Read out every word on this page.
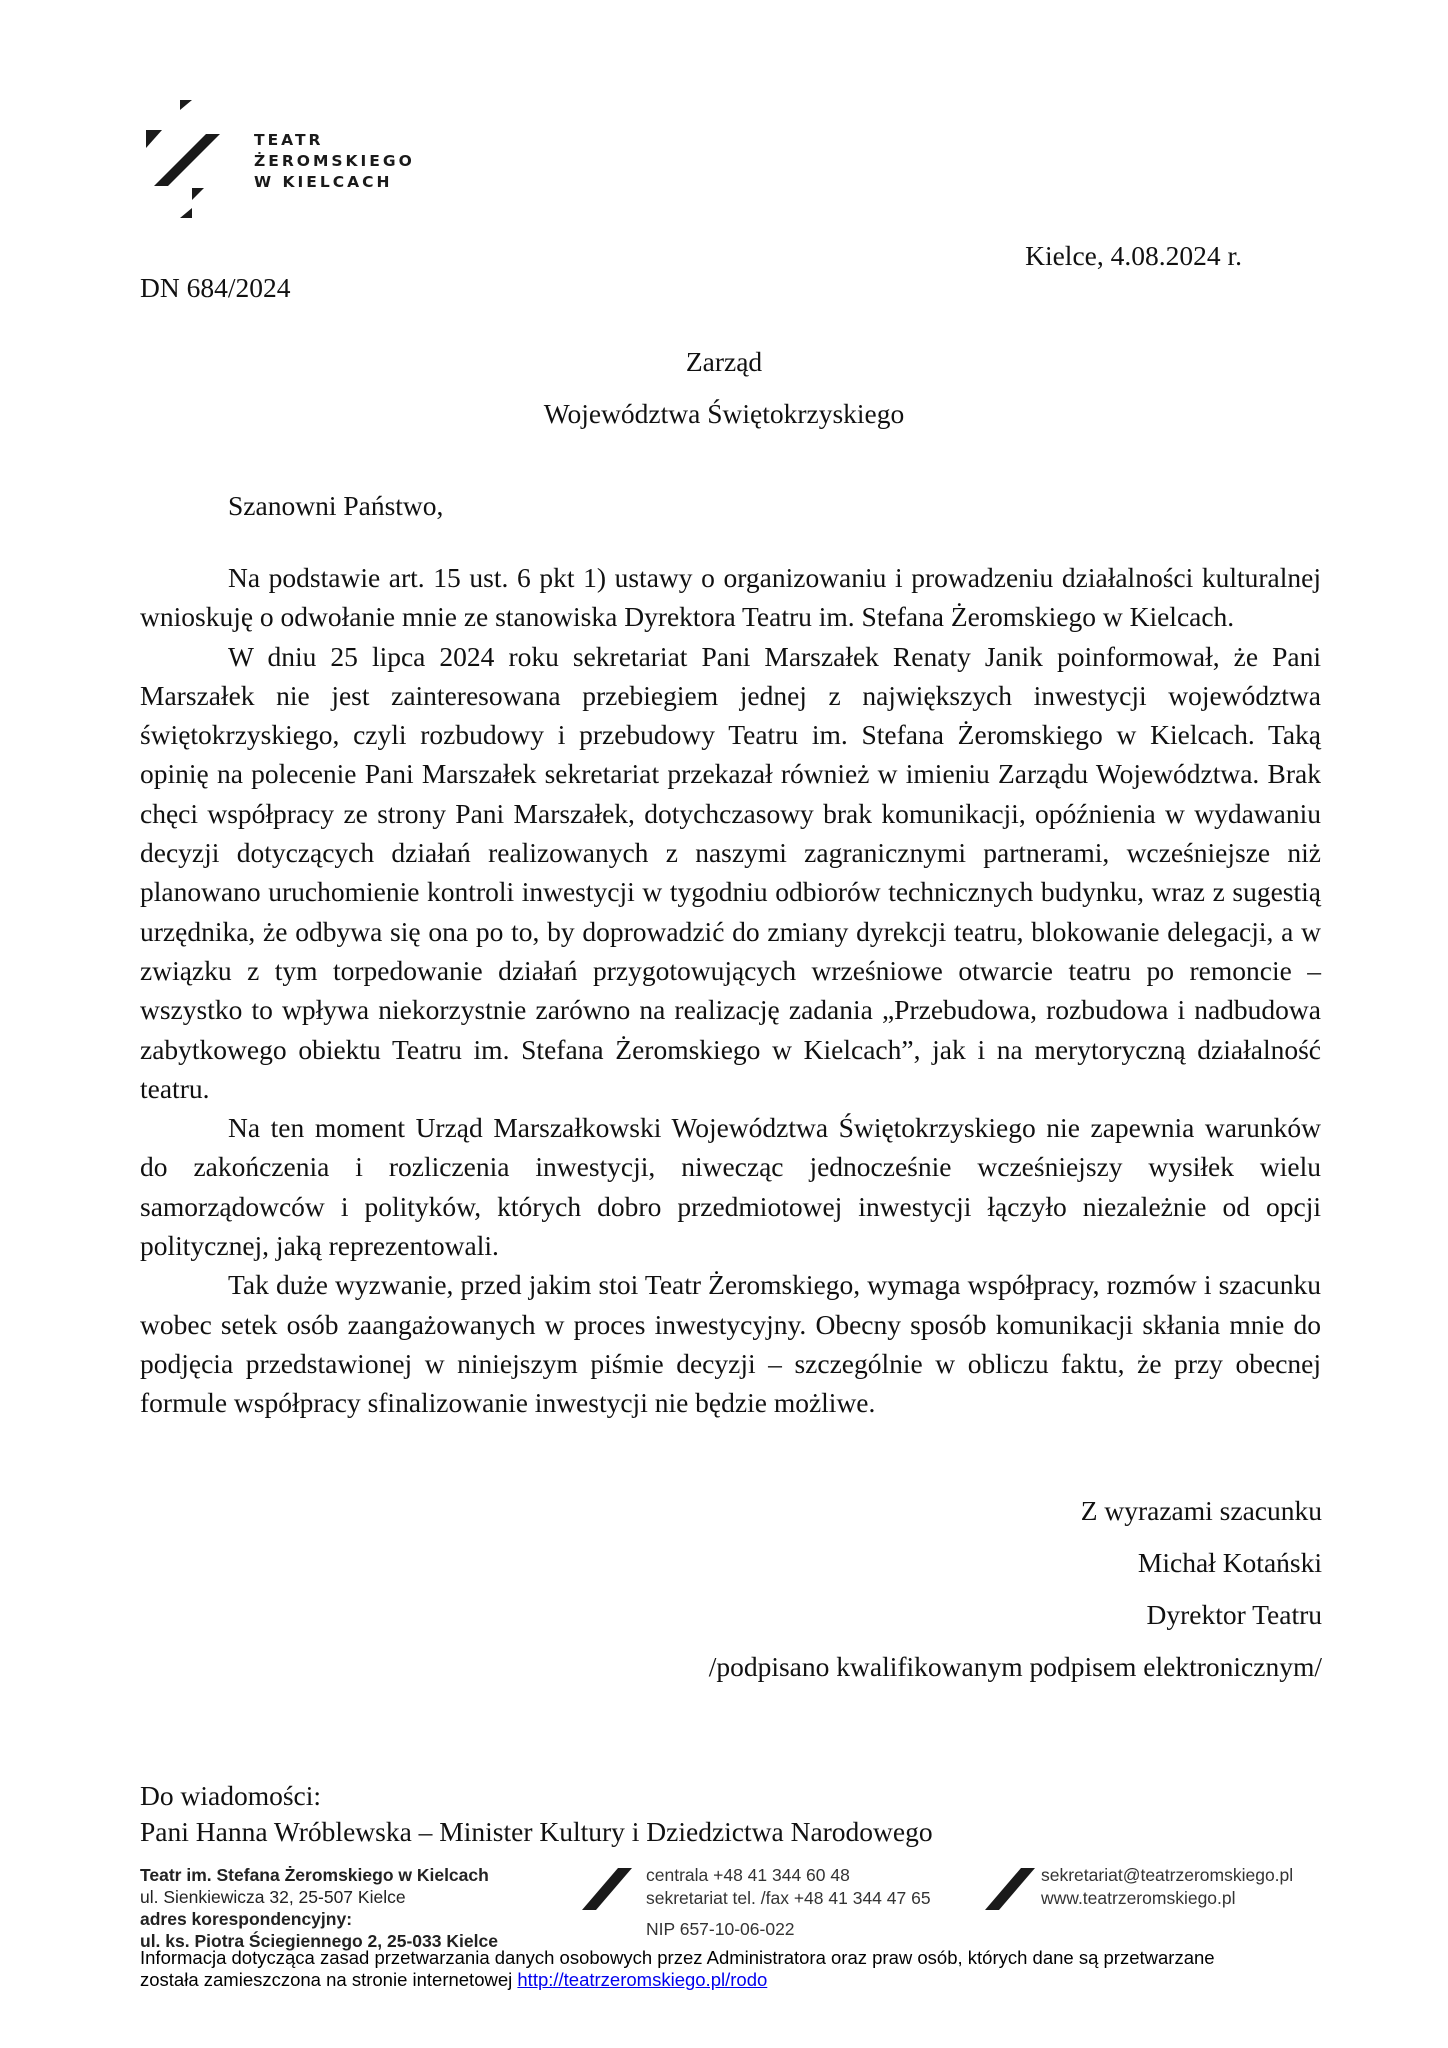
TEATR
ŻEROMSKIEGO
W KIELCACH
Kielce, 4.08.2024 r.
DN 684/2024
Zarząd
Województwa Świętokrzyskiego
Szanowni Państwo,

Na podstawie art. 15 ust. 6 pkt 1) ustawy o organizowaniu i prowadzeniu działalności kulturalnej wnioskuję o odwołanie mnie ze stanowiska Dyrektora Teatru im. Stefana Żeromskiego w Kielcach.

W dniu 25 lipca 2024 roku sekretariat Pani Marszałek Renaty Janik poinformował, że Pani Marszałek nie jest zainteresowana przebiegiem jednej z największych inwestycji województwa świętokrzyskiego, czyli rozbudowy i przebudowy Teatru im. Stefana Żeromskiego w Kielcach. Taką opinię na polecenie Pani Marszałek sekretariat przekazał również w imieniu Zarządu Województwa. Brak chęci współpracy ze strony Pani Marszałek, dotychczasowy brak komunikacji, opóźnienia w wydawaniu decyzji dotyczących działań realizowanych z naszymi zagranicznymi partnerami, wcześniejsze niż planowano uruchomienie kontroli inwestycji w tygodniu odbiorów technicznych budynku, wraz z sugestią urzędnika, że odbywa się ona po to, by doprowadzić do zmiany dyrekcji teatru, blokowanie delegacji, a w związku z tym torpedowanie działań przygotowujących wrześniowe otwarcie teatru po remoncie – wszystko to wpływa niekorzystnie zarówno na realizację zadania „Przebudowa, rozbudowa i nadbudowa zabytkowego obiektu Teatru im. Stefana Żeromskiego w Kielcach”, jak i na merytoryczną działalność teatru.

Na ten moment Urząd Marszałkowski Województwa Świętokrzyskiego nie zapewnia warunków do zakończenia i rozliczenia inwestycji, niwecząc jednocześnie wcześniejszy wysiłek wielu samorządowców i polityków, których dobro przedmiotowej inwestycji łączyło niezależnie od opcji politycznej, jaką reprezentowali.

Tak duże wyzwanie, przed jakim stoi Teatr Żeromskiego, wymaga współpracy, rozmów i szacunku wobec setek osób zaangażowanych w proces inwestycyjny. Obecny sposób komunikacji skłania mnie do podjęcia przedstawionej w niniejszym piśmie decyzji – szczególnie w obliczu faktu, że przy obecnej formule współpracy sfinalizowanie inwestycji nie będzie możliwe.

Z wyrazami szacunku
Michał Kotański
Dyrektor Teatru
/podpisano kwalifikowanym podpisem elektronicznym/
Do wiadomości:
Pani Hanna Wróblewska – Minister Kultury i Dziedzictwa Narodowego
Teatr im. Stefana Żeromskiego w Kielcach
ul. Sienkiewicza 32, 25-507 Kielce
adres korespondencyjny:
ul. ks. Piotra Ściegiennego 2, 25-033 Kielce
centrala +48 41 344 60 48
sekretariat tel. /fax +48 41 344 47 65
NIP 657-10-06-022
sekretariat@teatrzeromskiego.pl
www.teatrzeromskiego.pl
Informacja dotycząca zasad przetwarzania danych osobowych przez Administratora oraz praw osób, których dane są przetwarzane
została zamieszczona na stronie internetowej http://teatrzeromskiego.pl/rodo
